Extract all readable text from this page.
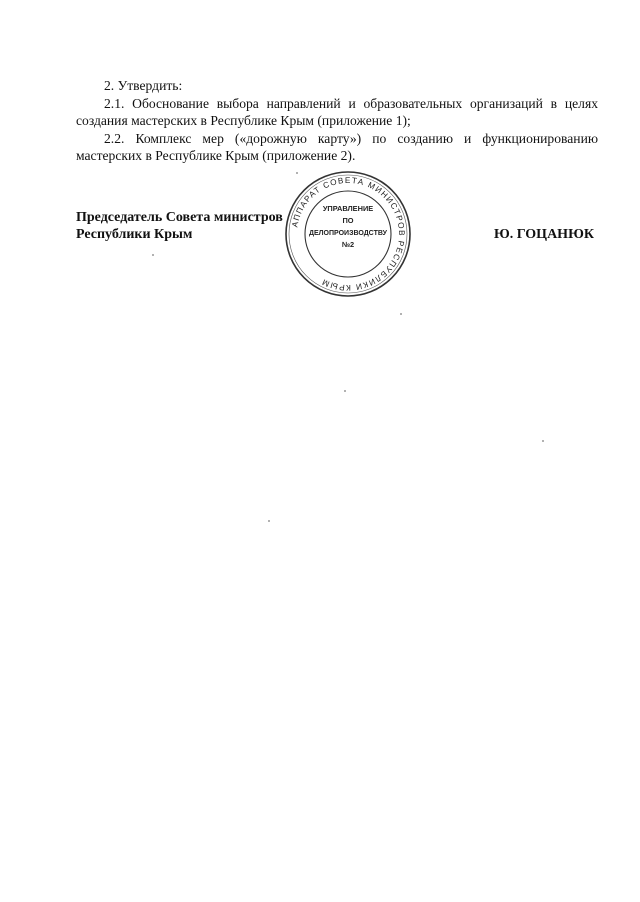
2. Утвердить:

2.1. Обоснование выбора направлений и образовательных организаций в целях создания мастерских в Республике Крым (приложение 1);

2.2. Комплекс мер («дорожную карту») по созданию и функционированию мастерских в Республике Крым (приложение 2).

Председатель Совета министров
Республики Крым	Ю. ГОЦАНЮК
АППАРАТ СОВЕТА МИНИСТРОВ РЕСПУБЛИКИ КРЫМ
УПРАВЛЕНИЕ
ПО
ДЕЛОПРОИЗВОДСТВУ
№2
